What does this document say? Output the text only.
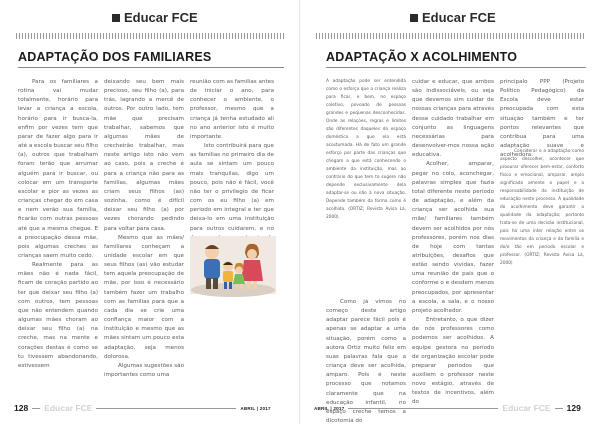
Educar FCE
ADAPTAÇÃO DOS FAMILIARES

Para os familiares a rotina vai mudar totalmente, horário para levar a criança a escola, horário para ir busca-la, enfim por vezes tem que parar de fazer algo para ir até a escola buscar seu filho (a), outros que trabalham foram terão que arrumar alguém para ir buscar, ou colocar em um transporte escolar e pior as vezes as crianças chegar do em casa e nem verão sua família, ficarão com outras pessoas até que a mesma chegue. E a preocupação dessa mãe, pois algumas creches as crianças saem muito cedo.

Realmente para as mães não é nada fácil, ficam de coração partido ao ter que deixar seu filho (a) com outros, tem pessoas que não entendem quando algumas mães choram ao deixar seu filho (a) na creche, mas na mente e corações destas é como se tu tivessem abandonando, estivessem

deixando seu bem mais precioso, seu filho (a), para trás, lagrando a mercê de outros. Por outro lado, tem mãe que precisam trabalhar, sabemos que algumas mães de crecheirão trabalhar, mas neste artigo isto não vem ao caso, pois a creche é para a criança não para as familias, algumas mães criam seus filhos (as) sozinha, como é difícil deixar seu filho (a) por vezes chorando pedindo para voltar para casa.

Mesmo que as mães/ familiares conheçam a unidade escolar em que seus filhos (as) vão estudar tem aquela preocupação de mãe, por isso é necessário também fazer um trabalho com as familias para que a cada dia se crie uma confiança maior com a instituição e mesmo que as mães sintam um pouco esta adaptação, seja menos dolorosa.

Algumas sugestões são importantes como uma

reunião com as familias antes de iniciar o ano, para conhecer o ambiente, o professor, mesmo que a criança já tenha estudado ali no ano anterior isto é muito importante.

Isto contribuirá para que as familias no primeiro dia de aula se sintam um pouco mais tranquilas, digo um pouco, pois não é fácil, você não ter o privilegio de ficar com os eu filho (a) em periodo em integral e ter que deixa-lo em uma instituição para outros cuidarem, e no

128 Educar FCE	ABRIL | 2017
Educar FCE
ADAPTAÇÃO X ACOLHIMENTO

A adaptação pode ser entendida como o esforço que a criança realiza para ficar, e bem, no espaço coletivo, povoado de pessoas grandes e pequenas desconhecidas. Onde as relações, regras e limites são diferentes daqueles do espaço doméstico a que ela está acostumada. Há de fato um grande esforço por parte das crianças que chegam a que está conhecendo o ambiente da instituição, mas ao contrário do que tem to sugere não depende exclusivamente dela adaptar-se ou não à nova situação. Depende também da forma como é acolhida. (ORTIZ; Revista Avisa Lá, 2000).

Como já vimos no começo deste artigo adaptar parece fácil pois é apenas se adaptar a uma situação, porém como a autora Ortiz muito feliz em suas palavras fala que a criança deve ser acolhida, amparo. Pois é neste processo que notamos claramente que na educação infantil, no espaço creche temos a dicotomia do

cuidar e educar, que ambos são indissociáveis, ou seja que devemos sim cuidar de nossas crianças para através desse cuidado trabalhar em conjunto as linguagens necessárias para desenvolver-mos nossa ação educativa.

Acolher, amparar, pegar no colo, aconchegar, palavras simples que fazia total diferente neste período de adaptação, e além da criança ser acolhida sua mãe/ familiares também devem ser acolhidos por nós professores, porém nos dias de hoje com tantas atribuições, desafios que estão sendo vividas, fazer uma reunião de pais que o conforme o e desdem menos preocupados, por apresentar a escola, a sala, e o nosso projeto acolhedor.

Entretanto, o que dizer de nós professores como podemos ser acolhidos. A equipe gestora no período de organização escolar pode preparar periodos que auxiliem o professor neste novo estágio, através de textos de incentivos, além do

principalo PPP (Projeto Político Pedagógico) da Escola deve estar preocupada com esta situação também e ter pontos relevantes que contribua para uma adaptação suave e acolhedora.

Considerar o a adaptação como aspecto descolher, acontecer que proourar oferecer bem-estar, conforto físico e emocional, amparar, amplo significado amente o papel e a responsabilidade da instituição de educação neste processo. A qualidade do acolhimento deve garantir a qualidade da adaptação; portanto trata-se de uma decisão institucional, pois há uma inter relação entre os movimentos da criança e da família e do/o tão em período escolar e professor. (ORTIZ; Revista Avisa Lá, 2000)

ABRIL | 2017	Educar FCE 129
